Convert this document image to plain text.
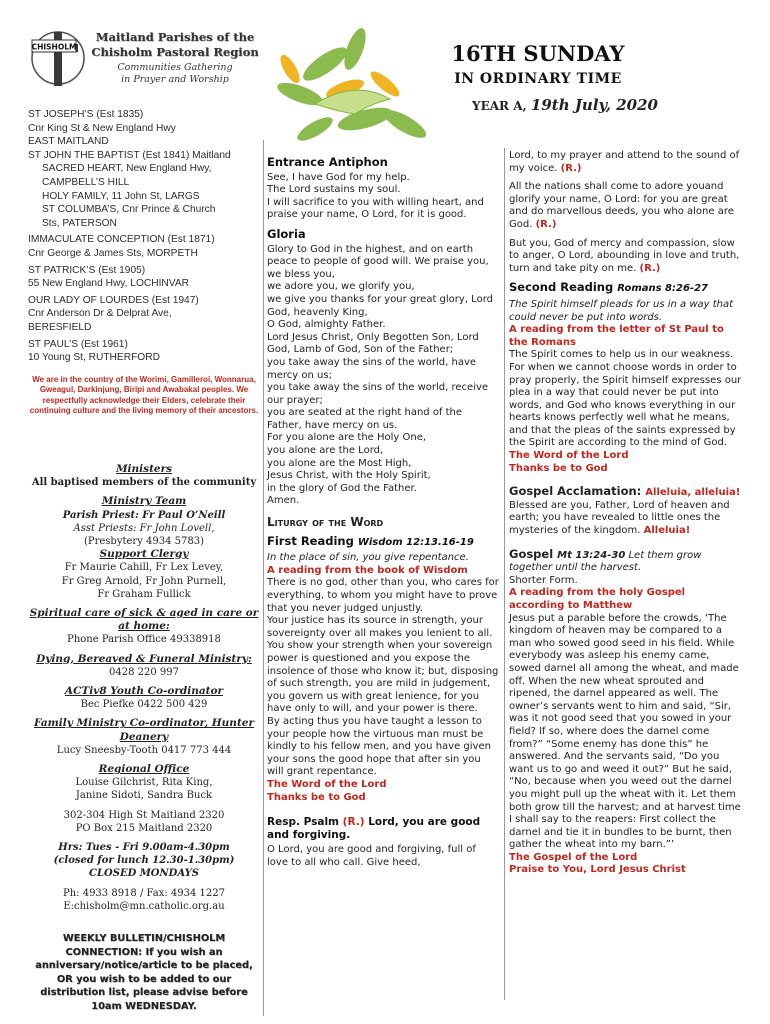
CHISHOLM
Maitland Parishes of the
Chisholm Pastoral Region
Communities Gathering
in Prayer and Worship
16TH SUNDAY
IN ORDINARY TIME
YEAR A, 19th July, 2020
ST JOSEPH’S (Est 1835)
Cnr King St & New England Hwy
EAST MAITLAND
ST JOHN THE BAPTIST (Est 1841) Maitland
SACRED HEART, New England Hwy,
CAMPBELL’S HILL
HOLY FAMILY, 11 John St, LARGS
ST COLUMBA’S, Cnr Prince & Church
Sts, PATERSON
IMMACULATE CONCEPTION (Est 1871)
Cnr George & James Sts, MORPETH
ST PATRICK’S (Est 1905)
55 New England Hwy, LOCHINVAR
OUR LADY OF LOURDES (Est 1947)
Cnr Anderson Dr & Delprat Ave,
BERESFIELD
ST PAUL’S (Est 1961)
10 Young St, RUTHERFORD
We are in the country of the Worimi, Gamilleroi, Wonnarua, Gweagul, Darkinjung, Biripi and Awabakal peoples. We respectfully acknowledge their Elders, celebrate their continuing culture and the living memory of their ancestors.
Ministers
All baptised members of the community
Ministry Team
Parish Priest: Fr Paul O’Neill
Asst Priests: Fr John Lovell,
(Presbytery 4934 5783)
Support Clergy
Fr Maurie Cahill, Fr Lex Levey,
Fr Greg Arnold, Fr John Purnell,
Fr Graham Fullick
Spiritual care of sick & aged in care or at home:
Phone Parish Office 49338918
Dying, Bereaved & Funeral Ministry:
0428 220 997
ACTiv8 Youth Co-ordinator
Bec Piefke 0422 500 429
Family Ministry Co-ordinator, Hunter Deanery
Lucy Sneesby-Tooth 0417 773 444
Regional Office
Louise Gilchrist, Rita King,
Janine Sidoti, Sandra Buck
302-304 High St Maitland 2320
PO Box 215 Maitland 2320
Hrs: Tues - Fri 9.00am-4.30pm
(closed for lunch 12.30-1.30pm)
CLOSED MONDAYS
Ph: 4933 8918 / Fax: 4934 1227
E:chisholm@mn.catholic.org.au
WEEKLY BULLETIN/CHISHOLM CONNECTION: If you wish an anniversary/notice/article to be placed, OR you wish to be added to our distribution list, please advise before 10am WEDNESDAY.
Entrance Antiphon

See, I have God for my help.
The Lord sustains my soul.
I will sacrifice to you with willing heart, and praise your name, O Lord, for it is good.

Gloria

Glory to God in the highest, and on earth peace to people of good will. We praise you, we bless you,
we adore you, we glorify you,
we give you thanks for your great glory, Lord God, heavenly King,
O God, almighty Father.
Lord Jesus Christ, Only Begotten Son, Lord God, Lamb of God, Son of the Father;
you take away the sins of the world, have mercy on us;
you take away the sins of the world, receive our prayer;
you are seated at the right hand of the Father, have mercy on us.
For you alone are the Holy One,
you alone are the Lord,
you alone are the Most High,
Jesus Christ, with the Holy Spirit,
in the glory of God the Father.
Amen.

Liturgy of the Word
First Reading Wisdom 12:13.16-19

In the place of sin, you give repentance.

A reading from the book of Wisdom

There is no god, other than you, who cares for everything, to whom you might have to prove that you never judged unjustly.
Your justice has its source in strength, your sovereignty over all makes you lenient to all.
You show your strength when your sovereign power is questioned and you expose the insolence of those who know it; but, disposing of such strength, you are mild in judgement, you govern us with great lenience, for you have only to will, and your power is there.
By acting thus you have taught a lesson to your people how the virtuous man must be kindly to his fellow men, and you have given your sons the good hope that after sin you will grant repentance.

The Word of the Lord

Thanks be to God

Resp. Psalm (R.) Lord, you are good and forgiving.

O Lord, you are good and forgiving, full of love to all who call. Give heed,

Lord, to my prayer and attend to the sound of my voice. (R.)

All the nations shall come to adore youand glorify your name, O Lord: for you are great and do marvellous deeds, you who alone are God. (R.)

But you, God of mercy and compassion, slow to anger, O Lord, abounding in love and truth, turn and take pity on me. (R.)

Second Reading Romans 8:26-27

The Spirit himself pleads for us in a way that could never be put into words.

A reading from the letter of St Paul to the Romans

The Spirit comes to help us in our weakness. For when we cannot choose words in order to pray properly, the Spirit himself expresses our plea in a way that could never be put into words, and God who knows everything in our hearts knows perfectly well what he means, and that the pleas of the saints expressed by the Spirit are according to the mind of God.

The Word of the Lord

Thanks be to God

Gospel Acclamation: Alleluia, alleluia! Blessed are you, Father, Lord of heaven and earth; you have revealed to little ones the mysteries of the kingdom. Alleluia!

Gospel Mt 13:24-30 Let them grow together until the harvest.

Shorter Form.

A reading from the holy Gospel according to Matthew

Jesus put a parable before the crowds, ‘The kingdom of heaven may be compared to a man who sowed good seed in his field. While everybody was asleep his enemy came, sowed darnel all among the wheat, and made off. When the new wheat sprouted and ripened, the darnel appeared as well. The owner’s servants went to him and said, “Sir, was it not good seed that you sowed in your field? If so, where does the darnel come from?” “Some enemy has done this” he answered. And the servants said, “Do you want us to go and weed it out?” But he said, “No, because when you weed out the darnel you might pull up the wheat with it. Let them both grow till the harvest; and at harvest time I shall say to the reapers: First collect the darnel and tie it in bundles to be burnt, then gather the wheat into my barn.”’

The Gospel of the Lord

Praise to You, Lord Jesus Christ
